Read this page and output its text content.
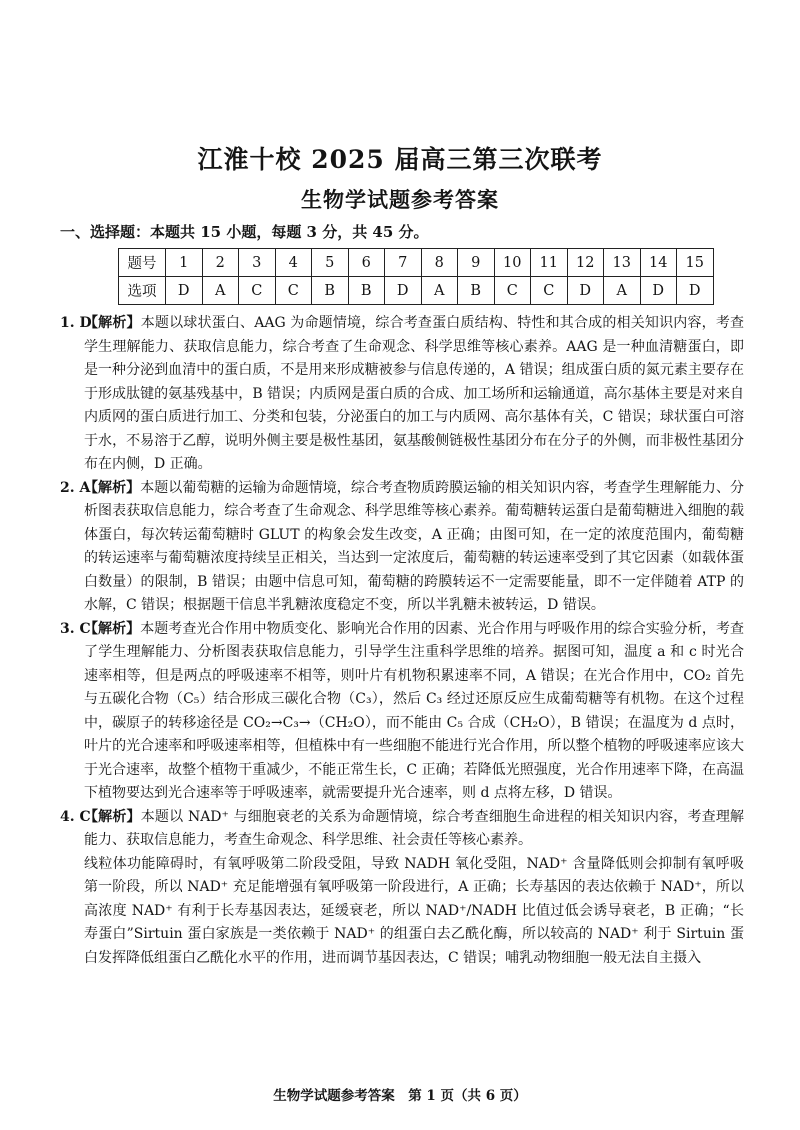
江淮十校 2025 届高三第三次联考
生物学试题参考答案
一、选择题：本题共 15 小题，每题 3 分，共 45 分。
题号	1	2	3	4	5	6	7	8	9	10	11	12	13	14	15
选项	D	A	C	C	B	B	D	A	B	C	C	D	A	D	D
1. D
【解析】本题以球状蛋白、AAG 为命题情境，综合考查蛋白质结构、特性和其合成的相关知识内容，考查学生理解能力、获取信息能力，综合考查了生命观念、科学思维等核心素养。AAG 是一种血清糖蛋白，即是一种分泌到血清中的蛋白质，不是用来形成糖被参与信息传递的，A 错误；组成蛋白质的氮元素主要存在于形成肽键的氨基残基中，B 错误；内质网是蛋白质的合成、加工场所和运输通道，高尔基体主要是对来自内质网的蛋白质进行加工、分类和包装，分泌蛋白的加工与内质网、高尔基体有关，C 错误；球状蛋白可溶于水，不易溶于乙醇，说明外侧主要是极性基团，氨基酸侧链极性基团分布在分子的外侧，而非极性基团分布在内侧，D 正确。
2. A
【解析】本题以葡萄糖的运输为命题情境，综合考查物质跨膜运输的相关知识内容，考查学生理解能力、分析图表获取信息能力，综合考查了生命观念、科学思维等核心素养。葡萄糖转运蛋白是葡萄糖进入细胞的载体蛋白，每次转运葡萄糖时 GLUT 的构象会发生改变，A 正确；由图可知，在一定的浓度范围内，葡萄糖的转运速率与葡萄糖浓度持续呈正相关，当达到一定浓度后，葡萄糖的转运速率受到了其它因素（如载体蛋白数量）的限制，B 错误；由题中信息可知，葡萄糖的跨膜转运不一定需要能量，即不一定伴随着 ATP 的水解，C 错误；根据题干信息半乳糖浓度稳定不变，所以半乳糖未被转运，D 错误。
3. C
【解析】本题考查光合作用中物质变化、影响光合作用的因素、光合作用与呼吸作用的综合实验分析，考查了学生理解能力、分析图表获取信息能力，引导学生注重科学思维的培养。据图可知，温度 a 和 c 时光合速率相等，但是两点的呼吸速率不相等，则叶片有机物积累速率不同，A 错误；在光合作用中，CO₂ 首先与五碳化合物（C₅）结合形成三碳化合物（C₃），然后 C₃ 经过还原反应生成葡萄糖等有机物。在这个过程中，碳原子的转移途径是 CO₂→C₃→（CH₂O），而不能由 C₅ 合成（CH₂O），B 错误；在温度为 d 点时，叶片的光合速率和呼吸速率相等，但植株中有一些细胞不能进行光合作用，所以整个植物的呼吸速率应该大于光合速率，故整个植物干重减少，不能正常生长，C 正确；若降低光照强度，光合作用速率下降，在高温下植物要达到光合速率等于呼吸速率，就需要提升光合速率，则 d 点将左移，D 错误。
4. C
【解析】本题以 NAD⁺ 与细胞衰老的关系为命题情境，综合考查细胞生命进程的相关知识内容，考查理解能力、获取信息能力，考查生命观念、科学思维、社会责任等核心素养。
线粒体功能障碍时，有氧呼吸第二阶段受阻，导致 NADH 氧化受阻，NAD⁺ 含量降低则会抑制有氧呼吸第一阶段，所以 NAD⁺ 充足能增强有氧呼吸第一阶段进行，A 正确；长寿基因的表达依赖于 NAD⁺，所以高浓度 NAD⁺ 有利于长寿基因表达，延缓衰老，所以 NAD⁺/NADH 比值过低会诱导衰老，B 正确；“长寿蛋白”Sirtuin 蛋白家族是一类依赖于 NAD⁺ 的组蛋白去乙酰化酶，所以较高的 NAD⁺ 利于 Sirtuin 蛋白发挥降低组蛋白乙酰化水平的作用，进而调节基因表达，C 错误；哺乳动物细胞一般无法自主摄入
生物学试题参考答案　第 1 页（共 6 页）
